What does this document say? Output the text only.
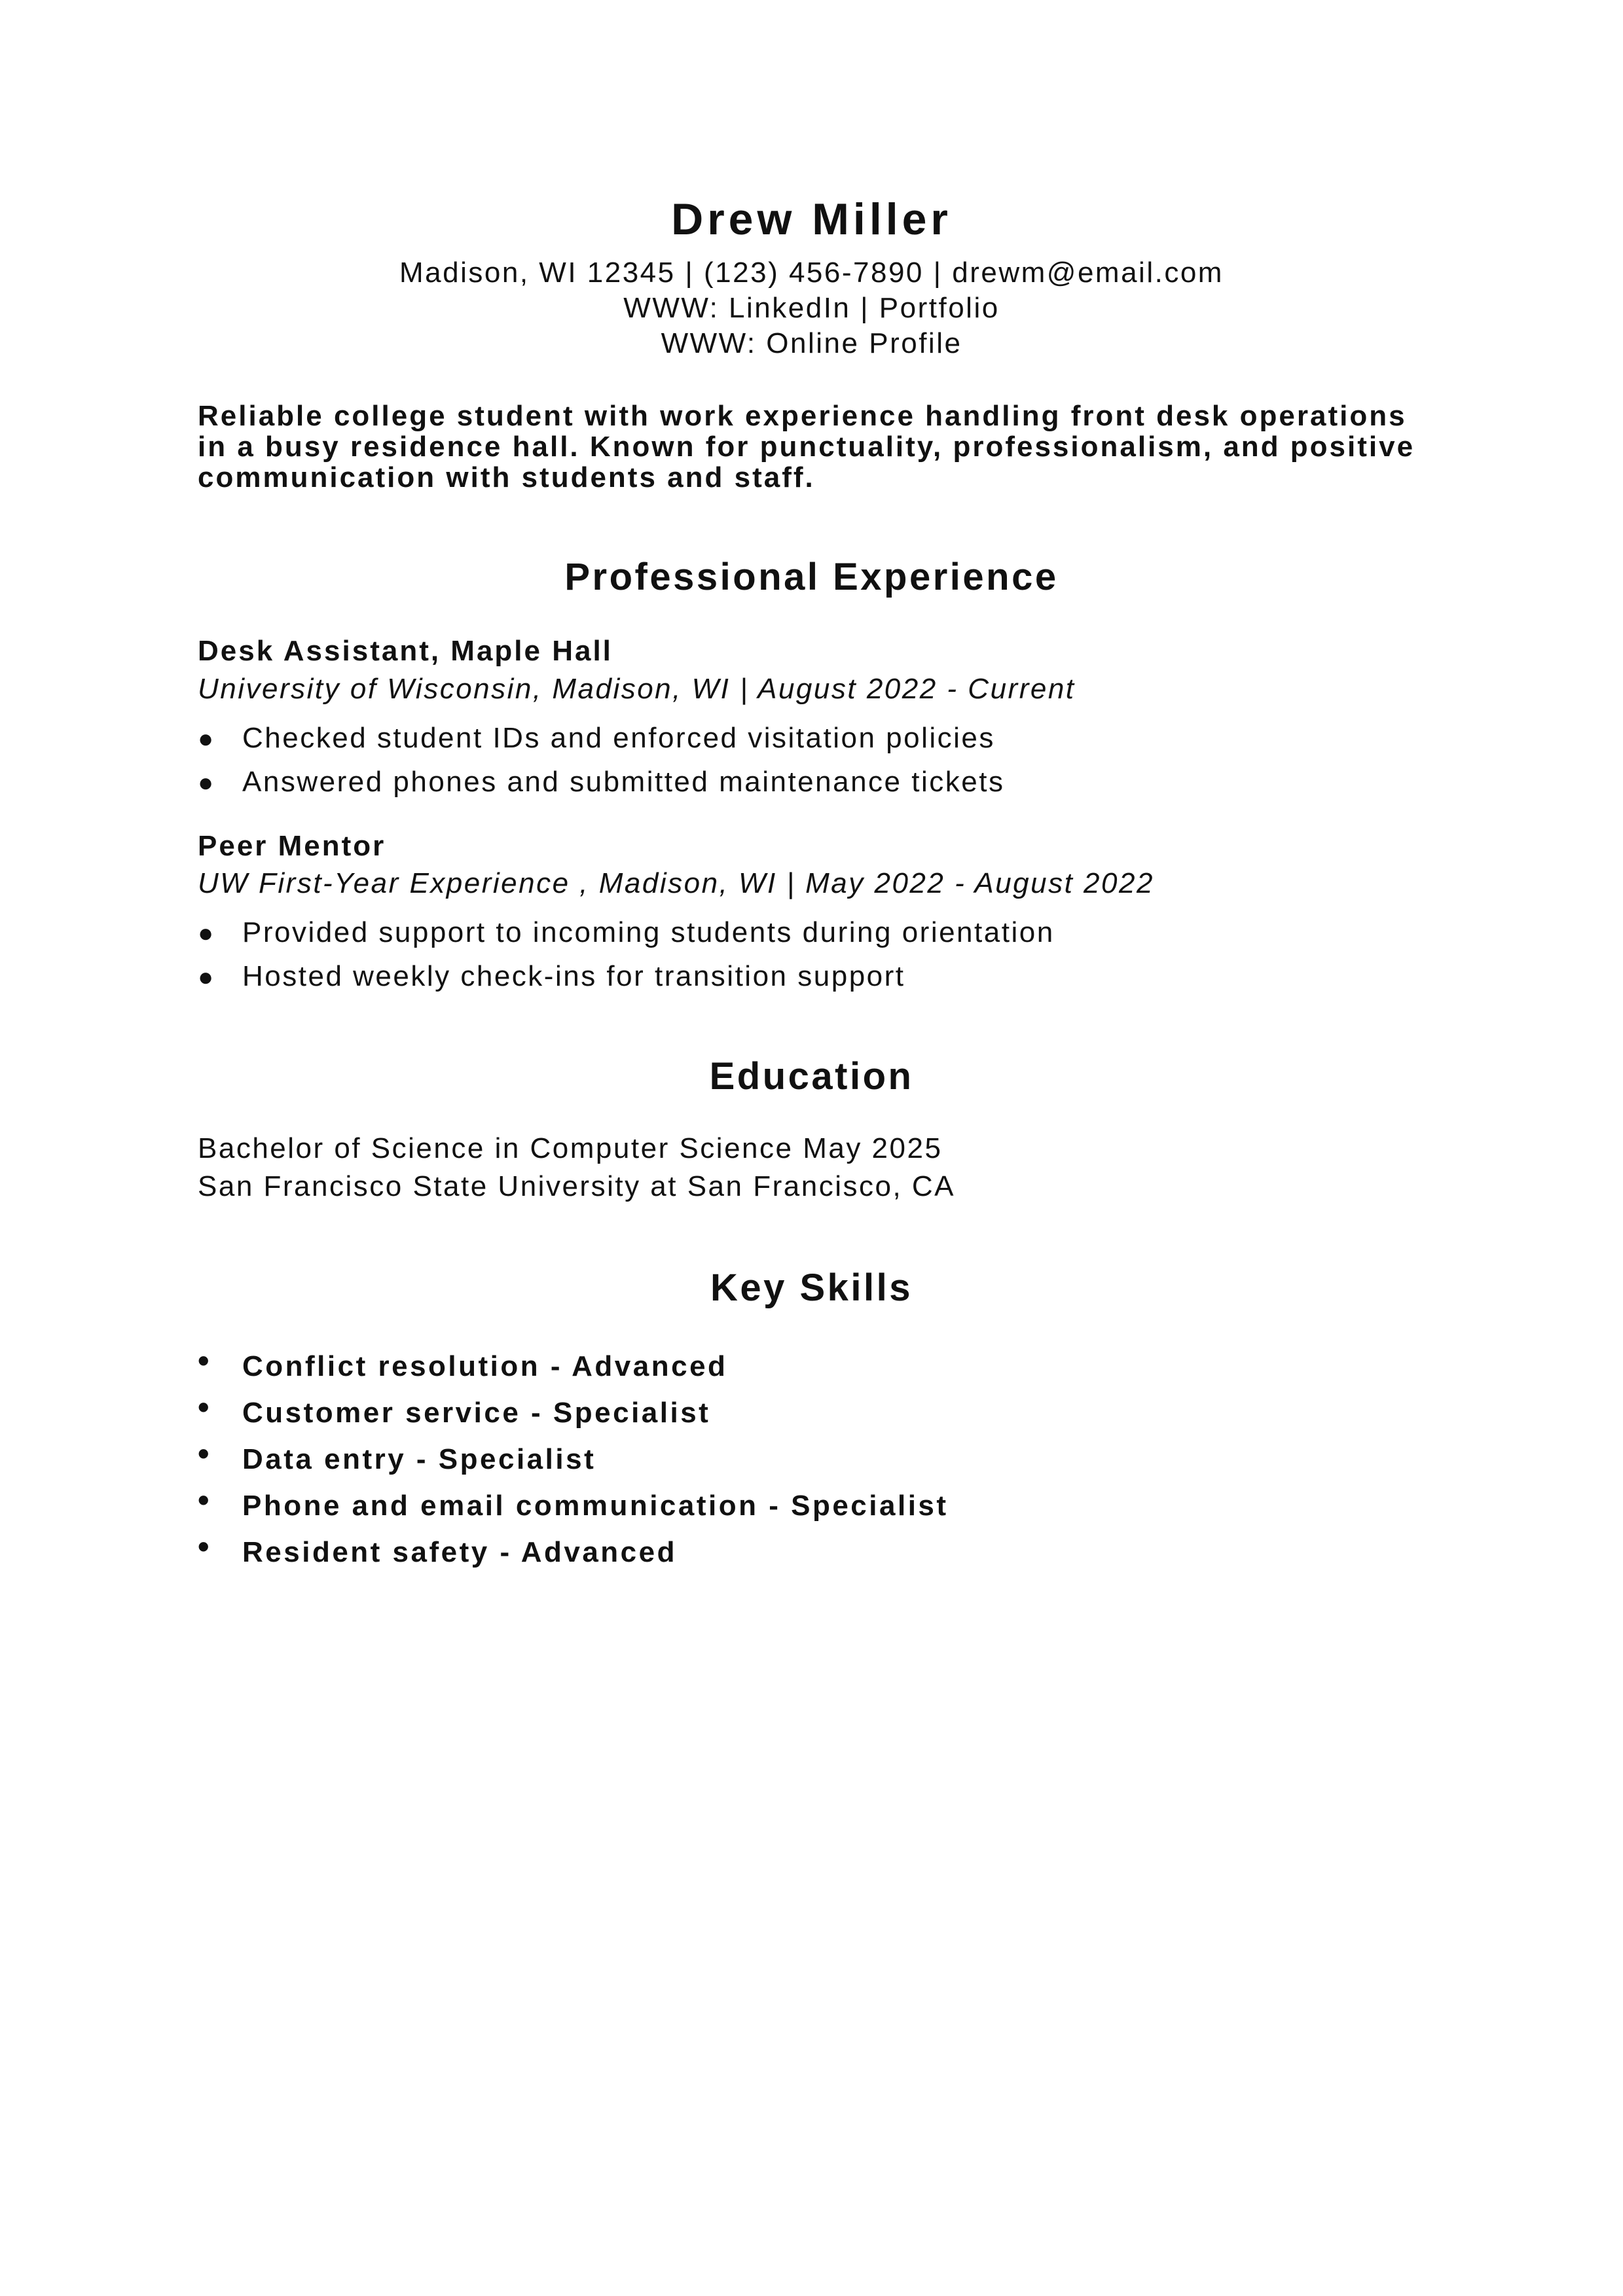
Drew Miller
Madison, WI 12345 | (123) 456-7890 | drewm@email.com
WWW: LinkedIn | Portfolio
WWW: Online Profile
Reliable college student with work experience handling front desk operations in a busy residence hall. Known for punctuality, professionalism, and positive communication with students and staff.
Professional Experience
Desk Assistant, Maple Hall
University of Wisconsin, Madison, WI | August 2022 - Current
● Checked student IDs and enforced visitation policies
● Answered phones and submitted maintenance tickets
Peer Mentor
UW First-Year Experience , Madison, WI | May 2022 - August 2022
● Provided support to incoming students during orientation
● Hosted weekly check-ins for transition support
Education
Bachelor of Science in Computer Science May 2025
San Francisco State University at San Francisco, CA
Key Skills
• Conflict resolution - Advanced
• Customer service - Specialist
• Data entry - Specialist
• Phone and email communication - Specialist
• Resident safety - Advanced
